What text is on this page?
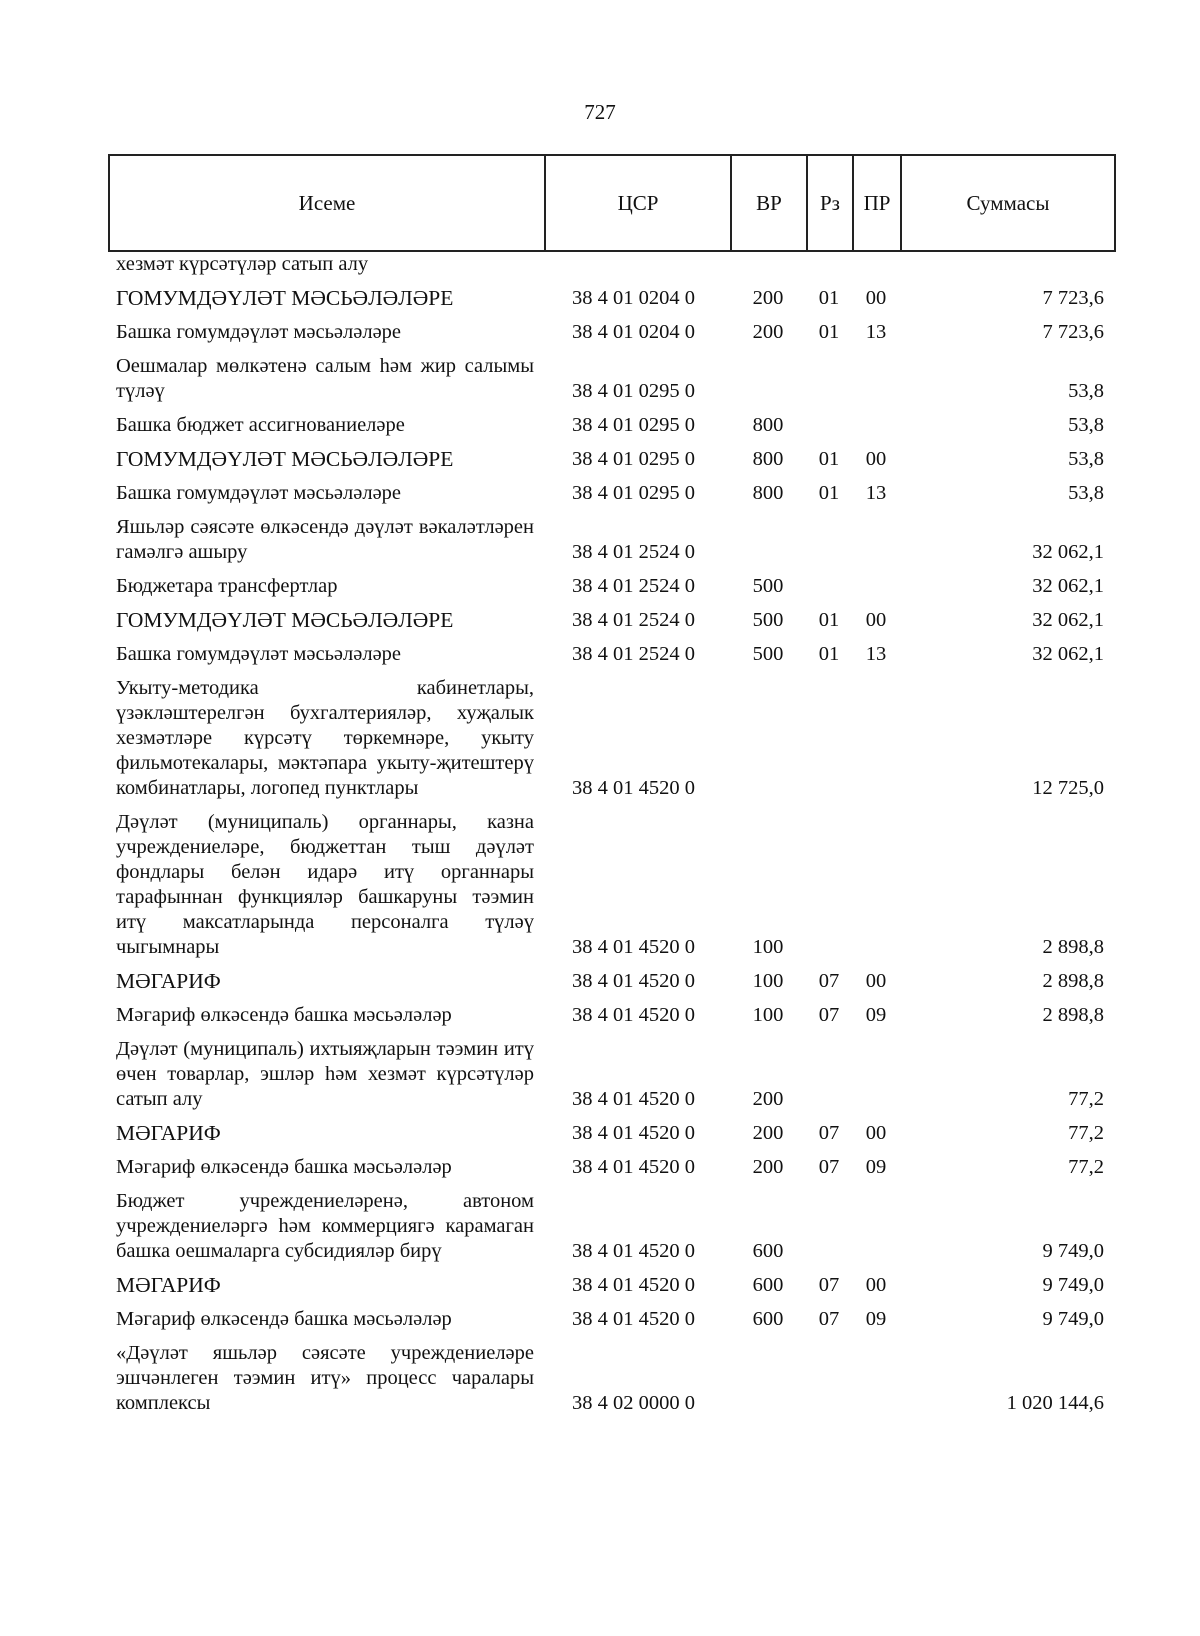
727
Исеме	ЦСР	ВР	Рз	ПР	Суммасы
хезмәт күрсәтүләр сатып алу					
ГОМУМДӘҮЛӘТ МӘСЬӘЛӘЛӘРЕ	38 4 01 0204 0	200	01	00	7 723,6
Башка гомумдәүләт мәсьәләләре	38 4 01 0204 0	200	01	13	7 723,6
Оешмалар мөлкәтенә салым һәм жир салымы түләү	38 4 01 0295 0				53,8
Башка бюджет ассигнованиеләре	38 4 01 0295 0	800			53,8
ГОМУМДӘҮЛӘТ МӘСЬӘЛӘЛӘРЕ	38 4 01 0295 0	800	01	00	53,8
Башка гомумдәүләт мәсьәләләре	38 4 01 0295 0	800	01	13	53,8
Яшьләр сәясәте өлкәсендә дәүләт вәкаләтләрен гамәлгә ашыру	38 4 01 2524 0				32 062,1
Бюджетара трансфертлар	38 4 01 2524 0	500			32 062,1
ГОМУМДӘҮЛӘТ МӘСЬӘЛӘЛӘРЕ	38 4 01 2524 0	500	01	00	32 062,1
Башка гомумдәүләт мәсьәләләре	38 4 01 2524 0	500	01	13	32 062,1
Укыту-методика кабинетлары, үзәкләштерелгән бухгалтерияләр, хуҗалык хезмәтләре күрсәтү төркемнәре, укыту фильмотекалары, мәктәпара укыту-җитештерү комбинатлары, логопед пунктлары	38 4 01 4520 0				12 725,0
Дәүләт (муниципаль) органнары, казна учреждениеләре, бюджеттан тыш дәүләт фондлары белән идарә итү органнары тарафыннан функцияләр башкаруны тәэмин итү максатларында персоналга түләү чыгымнары	38 4 01 4520 0	100			2 898,8
МӘГАРИФ	38 4 01 4520 0	100	07	00	2 898,8
Мәгариф өлкәсендә башка мәсьәләләр	38 4 01 4520 0	100	07	09	2 898,8
Дәүләт (муниципаль) ихтыяҗларын тәэмин итү өчен товарлар, эшләр һәм хезмәт күрсәтүләр сатып алу	38 4 01 4520 0	200			77,2
МӘГАРИФ	38 4 01 4520 0	200	07	00	77,2
Мәгариф өлкәсендә башка мәсьәләләр	38 4 01 4520 0	200	07	09	77,2
Бюджет учреждениеләренә, автоном учреждениеләргә һәм коммерциягә карамаган башка оешмаларга субсидияләр бирү	38 4 01 4520 0	600			9 749,0
МӘГАРИФ	38 4 01 4520 0	600	07	00	9 749,0
Мәгариф өлкәсендә башка мәсьәләләр	38 4 01 4520 0	600	07	09	9 749,0
«Дәүләт яшьләр сәясәте учреждениеләре эшчәнлеген тәэмин итү» процесс чаралары комплексы	38 4 02 0000 0				1 020 144,6
